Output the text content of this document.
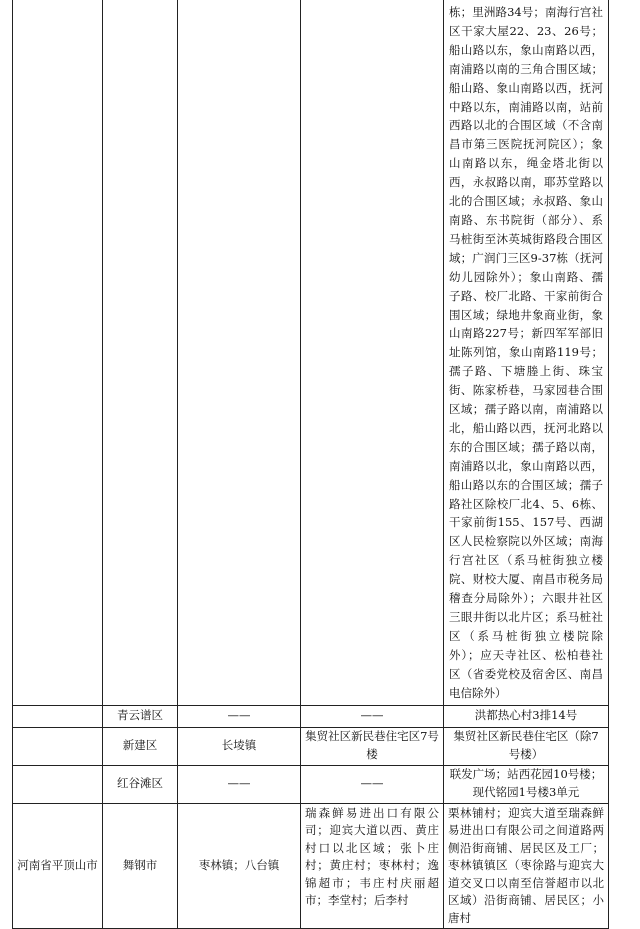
				栋；里洲路34号；南海行宫社区干家大屋22、23、26号；船山路以东，象山南路以西，南浦路以南的三角合围区域；船山路、象山南路以西，抚河中路以东，南浦路以南，站前西路以北的合围区域（不含南昌市第三医院抚河院区）；象山南路以东，绳金塔北街以西，永叔路以南，耶苏堂路以北的合围区域；永叔路、象山南路、东书院街（部分）、系马桩街至沐英城街路段合围区域；广润门三区9-37栋（抚河幼儿园除外）；象山南路、孺子路、校厂北路、干家前街合围区域；绿地井象商业街，象山南路227号；新四军军部旧址陈列馆，象山南路119号；孺子路、下塘塍上街、珠宝街、陈家桥巷，马家园巷合围区域；孺子路以南，南浦路以北，船山路以西，抚河北路以东的合围区域；孺子路以南，南浦路以北，象山南路以西，船山路以东的合围区域；孺子路社区除校厂北4、5、6栋、干家前街155、157号、西湖区人民检察院以外区域；南海行宫社区（系马桩街独立楼院、财校大厦、南昌市税务局稽查分局除外）；六眼井社区三眼井街以北片区；系马桩社区（系马桩街独立楼院除外）；应天寺社区、松柏巷社区（省委党校及宿舍区、南昌电信除外）
	青云谱区	——	——	洪都热心村3排14号
	新建区	长堎镇	集贸社区新民巷住宅区7号楼	集贸社区新民巷住宅区（除7号楼）
	红谷滩区	——	——	联发广场；站西花园10号楼；现代铭园1号楼3单元
河南省平顶山市	舞钢市	枣林镇；八台镇	瑞森鲜易进出口有限公司；迎宾大道以西、黄庄村口以北区域；张卜庄村；黄庄村；枣林村；逸锦超市；韦庄村庆丽超市；李堂村；后李村	栗林铺村；迎宾大道至瑞森鲜易进出口有限公司之间道路两侧沿街商铺、居民区及工厂；枣林镇镇区（枣徐路与迎宾大道交叉口以南至信誉超市以北区域）沿街商铺、居民区；小唐村
